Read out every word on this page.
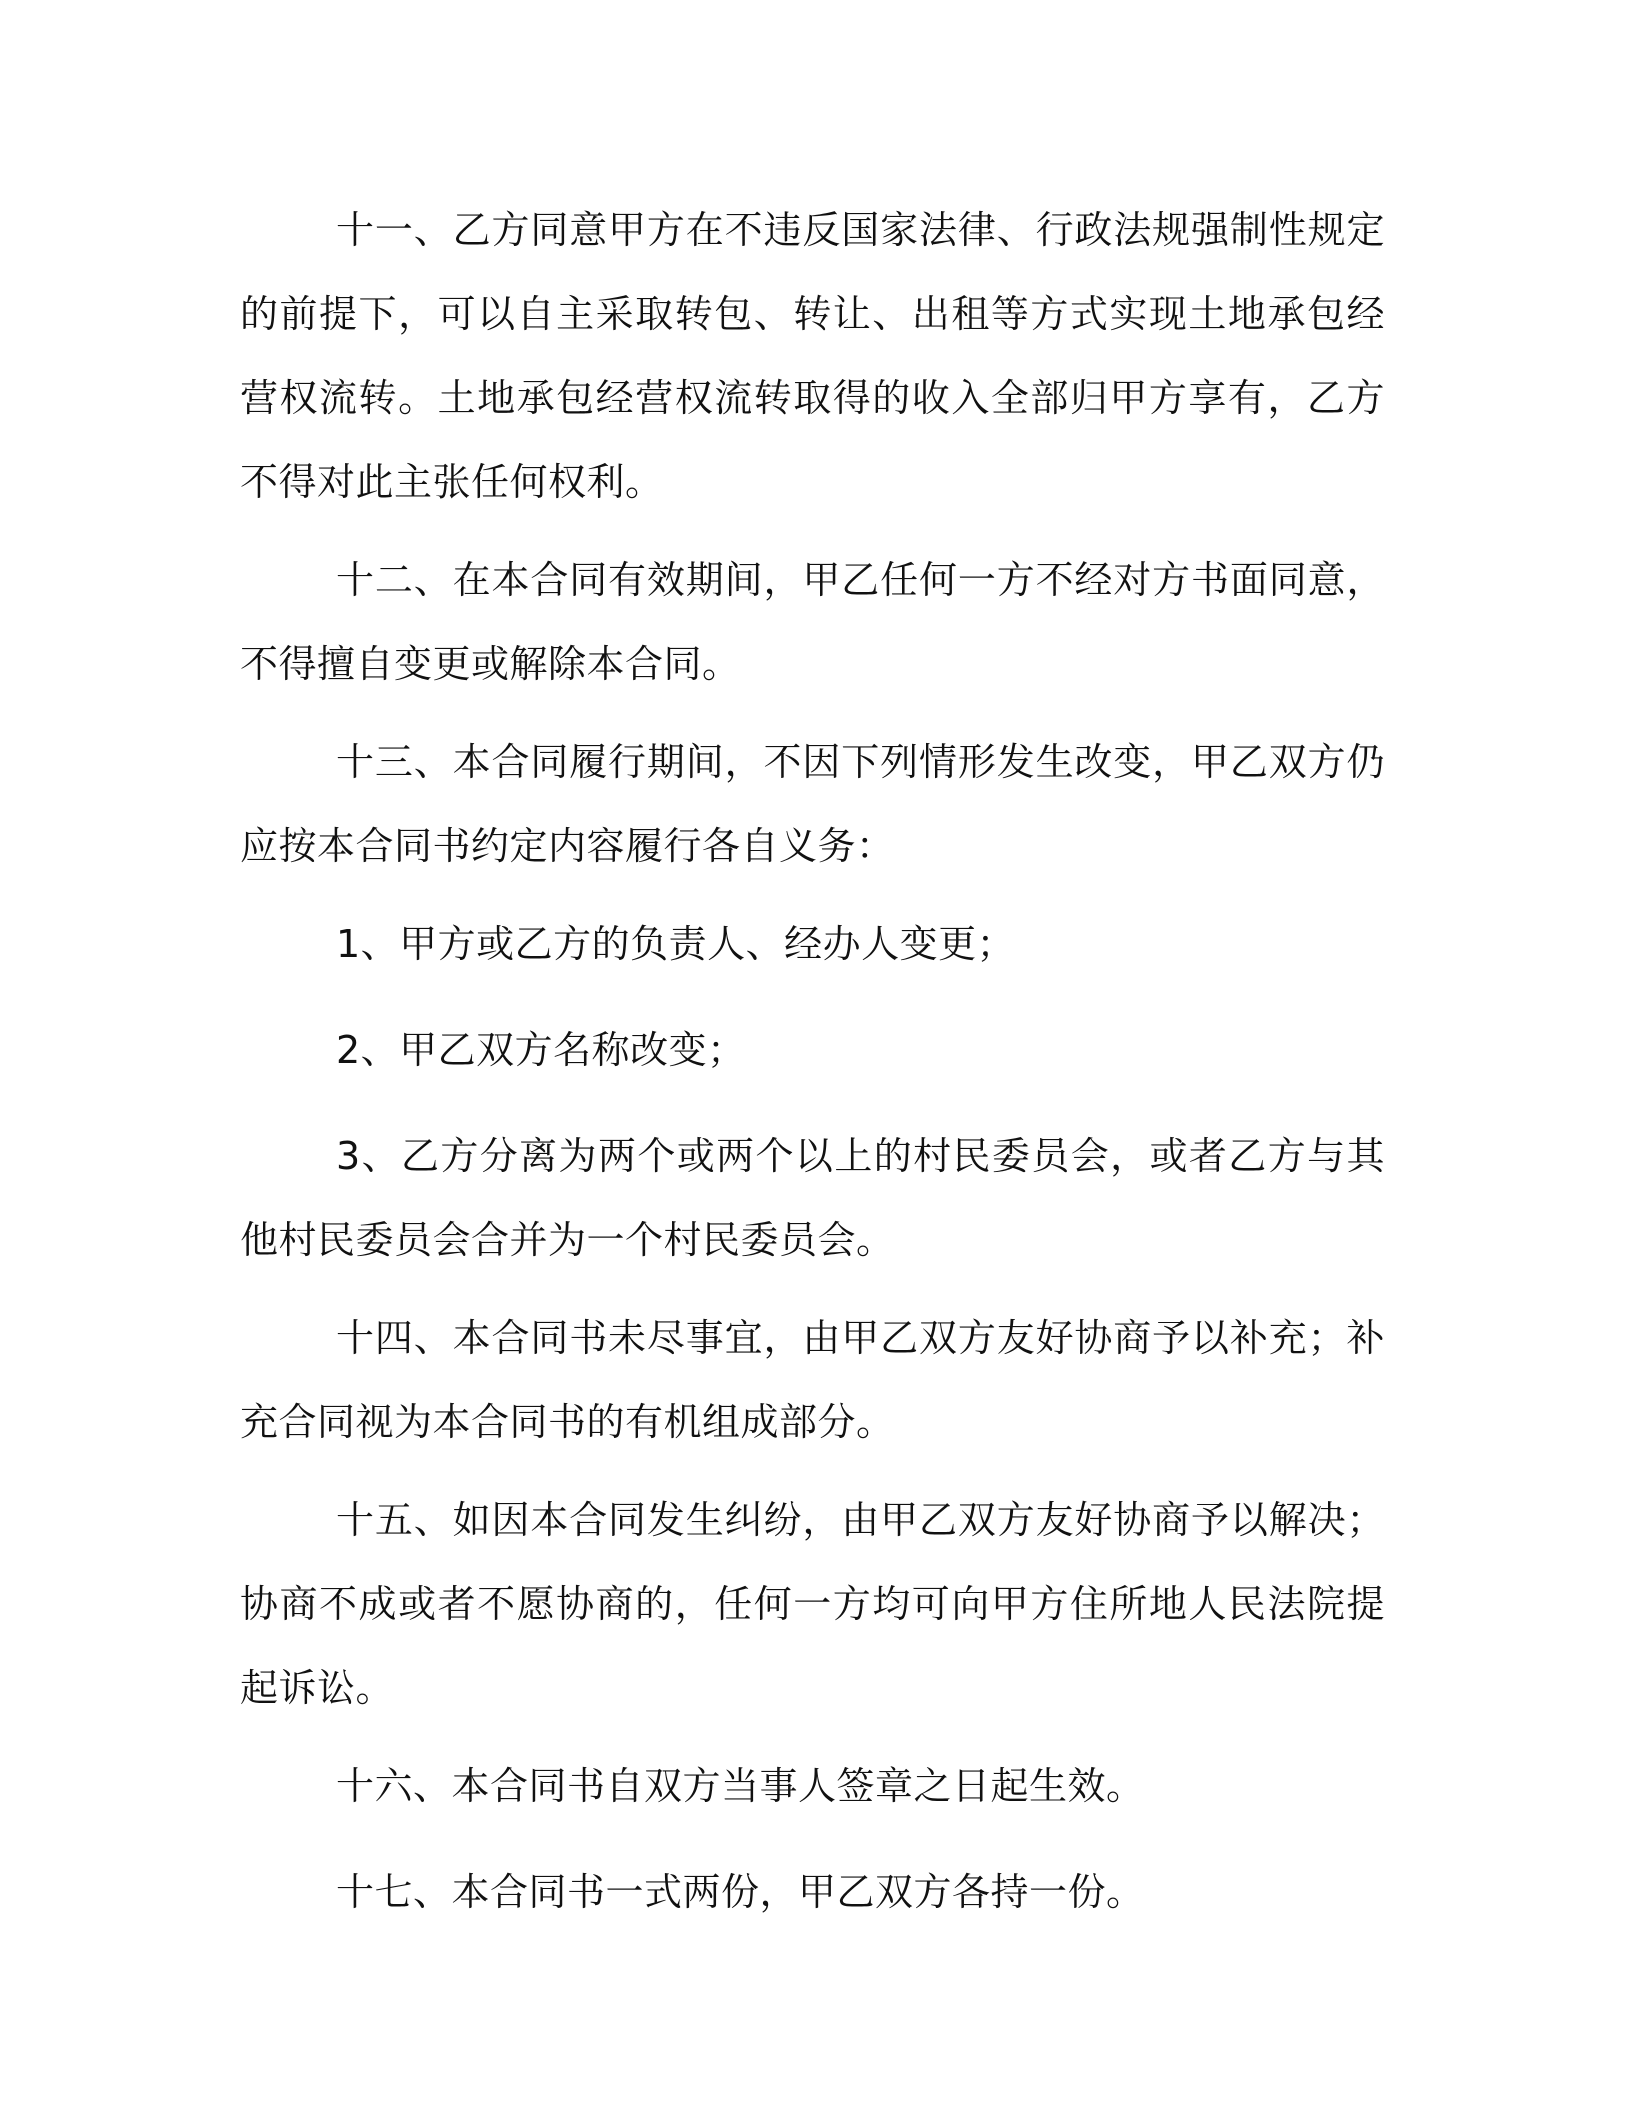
十一、乙方同意甲方在不违反国家法律、行政法规强制性规定的前提下，可以自主采取转包、转让、出租等方式实现土地承包经营权流转。土地承包经营权流转取得的收入全部归甲方享有，乙方不得对此主张任何权利。

十二、在本合同有效期间，甲乙任何一方不经对方书面同意，不得擅自变更或解除本合同。

十三、本合同履行期间，不因下列情形发生改变，甲乙双方仍应按本合同书约定内容履行各自义务：

1、甲方或乙方的负责人、经办人变更；

2、甲乙双方名称改变；

3、乙方分离为两个或两个以上的村民委员会，或者乙方与其他村民委员会合并为一个村民委员会。

十四、本合同书未尽事宜，由甲乙双方友好协商予以补充；补充合同视为本合同书的有机组成部分。

十五、如因本合同发生纠纷，由甲乙双方友好协商予以解决；协商不成或者不愿协商的，任何一方均可向甲方住所地人民法院提起诉讼。

十六、本合同书自双方当事人签章之日起生效。

十七、本合同书一式两份，甲乙双方各持一份。
